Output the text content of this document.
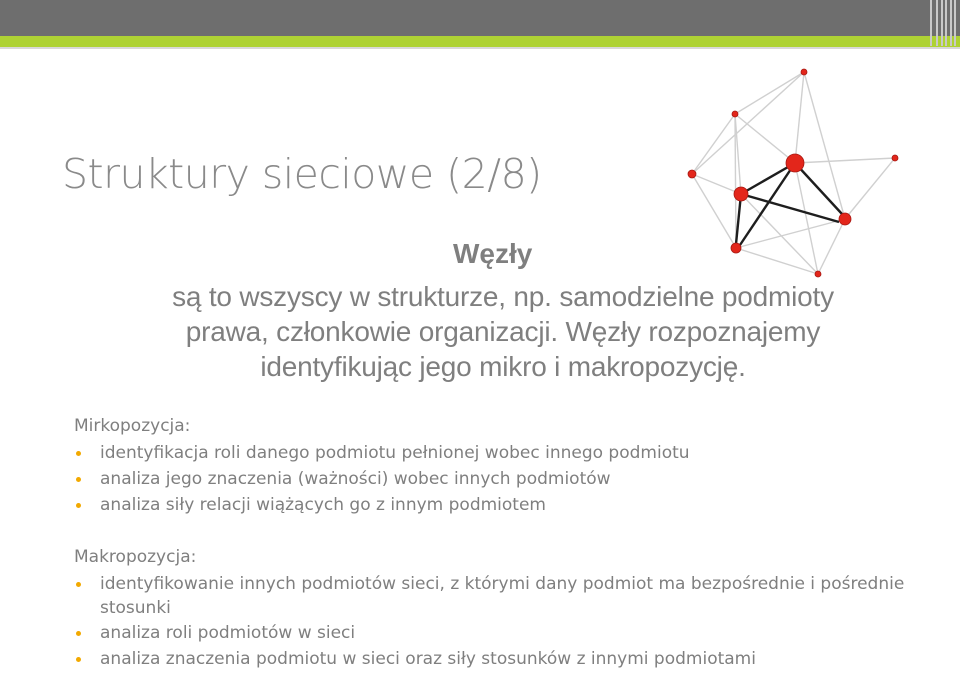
Struktury sieciowe (2/8)
Węzły
są to wszyscy w strukturze, np. samodzielne podmioty
prawa, członkowie organizacji. Węzły rozpoznajemy
identyfikując jego mikro i makropozycję.
Mirkopozycja:
identyfikacja roli danego podmiotu pełnionej wobec innego podmiotu
analiza jego znaczenia (ważności) wobec innych podmiotów
analiza siły relacji wiążących go z innym podmiotem
Makropozycja:
identyfikowanie innych podmiotów sieci, z którymi dany podmiot ma bezpośrednie i pośrednie stosunki
analiza roli podmiotów w sieci
analiza znaczenia podmiotu w sieci oraz siły stosunków z innymi podmiotami
